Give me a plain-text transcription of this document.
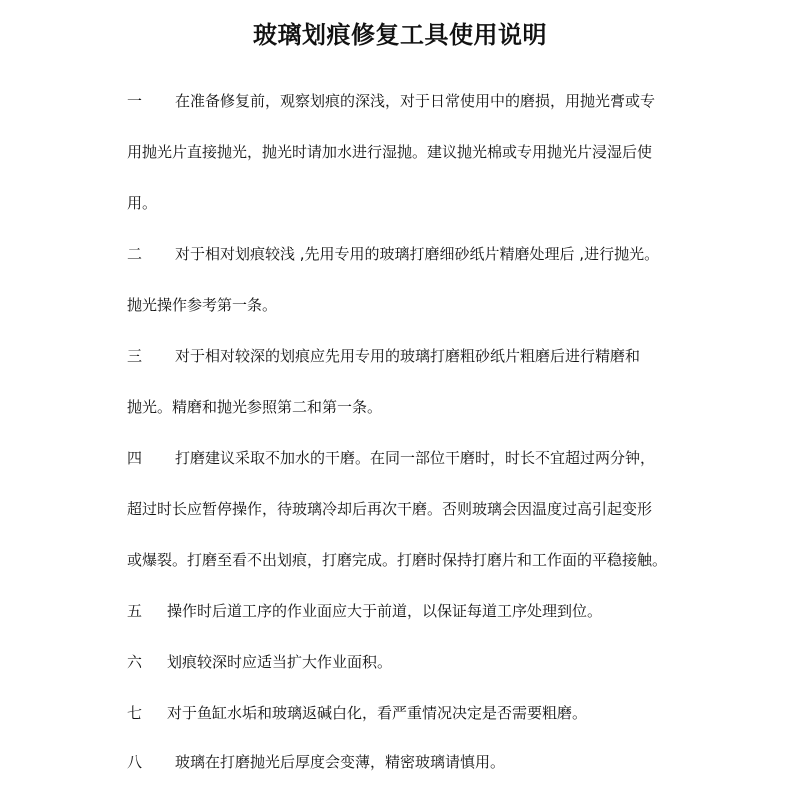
玻璃划痕修复工具使用说明
一 在准备修复前，观察划痕的深浅，对于日常使用中的磨损，用抛光膏或专
用抛光片直接抛光，抛光时请加水进行湿抛。建议抛光棉或专用抛光片浸湿后使
用。
二 对于相对划痕较浅 ,先用专用的玻璃打磨细砂纸片精磨处理后 ,进行抛光。
抛光操作参考第一条。
三 对于相对较深的划痕应先用专用的玻璃打磨粗砂纸片粗磨后进行精磨和
抛光。精磨和抛光参照第二和第一条。
四 打磨建议采取不加水的干磨。在同一部位干磨时，时长不宜超过两分钟，
超过时长应暂停操作，待玻璃冷却后再次干磨。否则玻璃会因温度过高引起变形
或爆裂。打磨至看不出划痕，打磨完成。打磨时保持打磨片和工作面的平稳接触。
五 操作时后道工序的作业面应大于前道，以保证每道工序处理到位。
六 划痕较深时应适当扩大作业面积。
七 对于鱼缸水垢和玻璃返碱白化，看严重情况决定是否需要粗磨。
八 玻璃在打磨抛光后厚度会变薄，精密玻璃请慎用。
